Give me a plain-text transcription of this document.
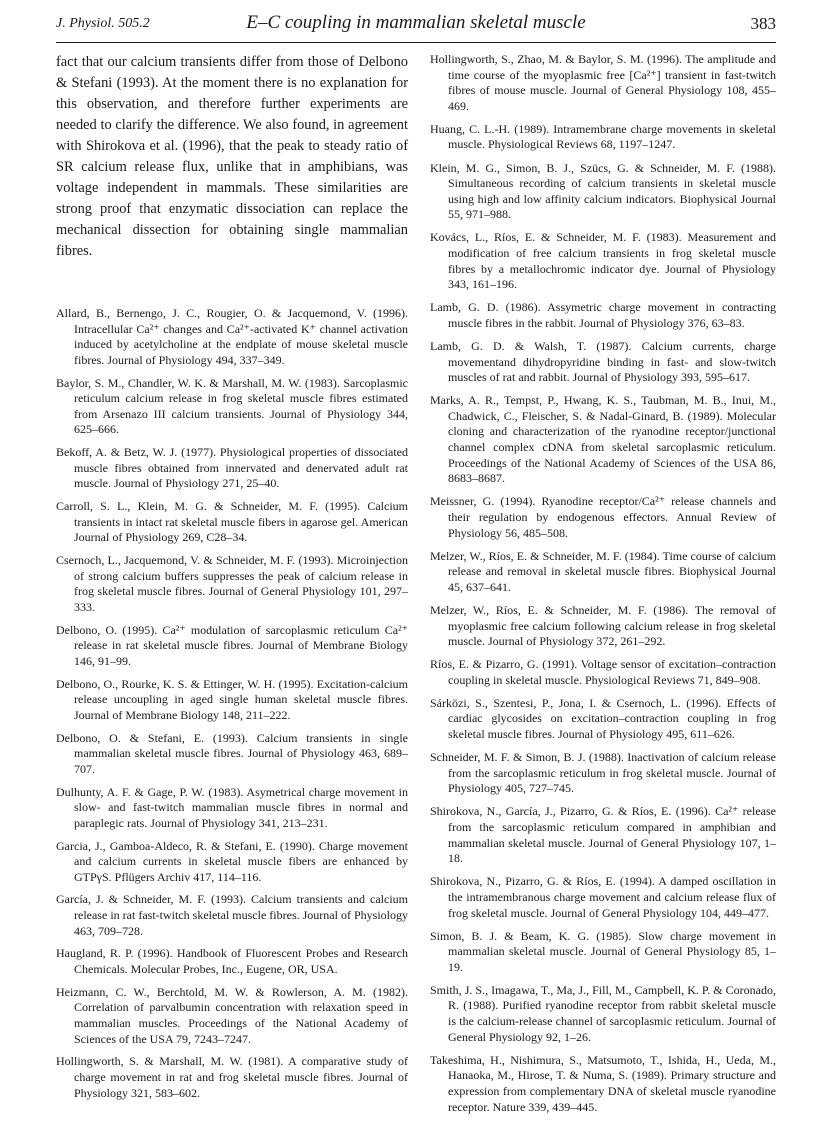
E–C coupling in mammalian skeletal muscle
J. Physiol. 505.2	383

fact that our calcium transients differ from those of Delbono & Stefani (1993). At the moment there is no explanation for this observation, and therefore further experiments are needed to clarify the difference. We also found, in agreement with Shirokova et al. (1996), that the peak to steady ratio of SR calcium release flux, unlike that in amphibians, was voltage independent in mammals. These similarities are strong proof that enzymatic dissociation can replace the mechanical dissection for obtaining single mammalian fibres.

Allard, B., Bernengo, J. C., Rougier, O. & Jacquemond, V. (1996). Intracellular Ca²⁺ changes and Ca²⁺-activated K⁺ channel activation induced by acetylcholine at the endplate of mouse skeletal muscle fibres. Journal of Physiology 494, 337–349.
Baylor, S. M., Chandler, W. K. & Marshall, M. W. (1983). Sarcoplasmic reticulum calcium release in frog skeletal muscle fibres estimated from Arsenazo III calcium transients. Journal of Physiology 344, 625–666.
Bekoff, A. & Betz, W. J. (1977). Physiological properties of dissociated muscle fibres obtained from innervated and denervated adult rat muscle. Journal of Physiology 271, 25–40.
Carroll, S. L., Klein, M. G. & Schneider, M. F. (1995). Calcium transients in intact rat skeletal muscle fibers in agarose gel. American Journal of Physiology 269, C28–34.
Csernoch, L., Jacquemond, V. & Schneider, M. F. (1993). Microinjection of strong calcium buffers suppresses the peak of calcium release in frog skeletal muscle fibres. Journal of General Physiology 101, 297–333.
Delbono, O. (1995). Ca²⁺ modulation of sarcoplasmic reticulum Ca²⁺ release in rat skeletal muscle fibres. Journal of Membrane Biology 146, 91–99.
Delbono, O., Rourke, K. S. & Ettinger, W. H. (1995). Excitation-calcium release uncoupling in aged single human skeletal muscle fibres. Journal of Membrane Biology 148, 211–222.
Delbono, O. & Stefani, E. (1993). Calcium transients in single mammalian skeletal muscle fibres. Journal of Physiology 463, 689–707.
Dulhunty, A. F. & Gage, P. W. (1983). Asymetrical charge movement in slow- and fast-twitch mammalian muscle fibres in normal and paraplegic rats. Journal of Physiology 341, 213–231.
Garcia, J., Gamboa-Aldeco, R. & Stefani, E. (1990). Charge movement and calcium currents in skeletal muscle fibers are enhanced by GTPγS. Pflügers Archiv 417, 114–116.
García, J. & Schneider, M. F. (1993). Calcium transients and calcium release in rat fast-twitch skeletal muscle fibres. Journal of Physiology 463, 709–728.
Haugland, R. P. (1996). Handbook of Fluorescent Probes and Research Chemicals. Molecular Probes, Inc., Eugene, OR, USA.
Heizmann, C. W., Berchtold, M. W. & Rowlerson, A. M. (1982). Correlation of parvalbumin concentration with relaxation speed in mammalian muscles. Proceedings of the National Academy of Sciences of the USA 79, 7243–7247.
Hollingworth, S. & Marshall, M. W. (1981). A comparative study of charge movement in rat and frog skeletal muscle fibres. Journal of Physiology 321, 583–602.
Hollingworth, S., Zhao, M. & Baylor, S. M. (1996). The amplitude and time course of the myoplasmic free [Ca²⁺] transient in fast-twitch fibres of mouse muscle. Journal of General Physiology 108, 455–469.
Huang, C. L.-H. (1989). Intramembrane charge movements in skeletal muscle. Physiological Reviews 68, 1197–1247.
Klein, M. G., Simon, B. J., Szücs, G. & Schneider, M. F. (1988). Simultaneous recording of calcium transients in skeletal muscle using high and low affinity calcium indicators. Biophysical Journal 55, 971–988.
Kovács, L., Ríos, E. & Schneider, M. F. (1983). Measurement and modification of free calcium transients in frog skeletal muscle fibres by a metallochromic indicator dye. Journal of Physiology 343, 161–196.
Lamb, G. D. (1986). Assymetric charge movement in contracting muscle fibres in the rabbit. Journal of Physiology 376, 63–83.
Lamb, G. D. & Walsh, T. (1987). Calcium currents, charge movementand dihydropyridine binding in fast- and slow-twitch muscles of rat and rabbit. Journal of Physiology 393, 595–617.
Marks, A. R., Tempst, P., Hwang, K. S., Taubman, M. B., Inui, M., Chadwick, C., Fleischer, S. & Nadal-Ginard, B. (1989). Molecular cloning and characterization of the ryanodine receptor/junctional channel complex cDNA from skeletal sarcoplasmic reticulum. Proceedings of the National Academy of Sciences of the USA 86, 8683–8687.
Meissner, G. (1994). Ryanodine receptor/Ca²⁺ release channels and their regulation by endogenous effectors. Annual Review of Physiology 56, 485–508.
Melzer, W., Ríos, E. & Schneider, M. F. (1984). Time course of calcium release and removal in skeletal muscle fibres. Biophysical Journal 45, 637–641.
Melzer, W., Ríos, E. & Schneider, M. F. (1986). The removal of myoplasmic free calcium following calcium release in frog skeletal muscle. Journal of Physiology 372, 261–292.
Ríos, E. & Pizarro, G. (1991). Voltage sensor of excitation–contraction coupling in skeletal muscle. Physiological Reviews 71, 849–908.
Sárközi, S., Szentesi, P., Jona, I. & Csernoch, L. (1996). Effects of cardiac glycosides on excitation–contraction coupling in frog skeletal muscle fibres. Journal of Physiology 495, 611–626.
Schneider, M. F. & Simon, B. J. (1988). Inactivation of calcium release from the sarcoplasmic reticulum in frog skeletal muscle. Journal of Physiology 405, 727–745.
Shirokova, N., García, J., Pizarro, G. & Ríos, E. (1996). Ca²⁺ release from the sarcoplasmic reticulum compared in amphibian and mammalian skeletal muscle. Journal of General Physiology 107, 1–18.
Shirokova, N., Pizarro, G. & Ríos, E. (1994). A damped oscillation in the intramembranous charge movement and calcium release flux of frog skeletal muscle. Journal of General Physiology 104, 449–477.
Simon, B. J. & Beam, K. G. (1985). Slow charge movement in mammalian skeletal muscle. Journal of General Physiology 85, 1–19.
Smith, J. S., Imagawa, T., Ma, J., Fill, M., Campbell, K. P. & Coronado, R. (1988). Purified ryanodine receptor from rabbit skeletal muscle is the calcium-release channel of sarcoplasmic reticulum. Journal of General Physiology 92, 1–26.
Takeshima, H., Nishimura, S., Matsumoto, T., Ishida, H., Ueda, M., Hanaoka, M., Hirose, T. & Numa, S. (1989). Primary structure and expression from complementary DNA of skeletal muscle ryanodine receptor. Nature 339, 439–445.
